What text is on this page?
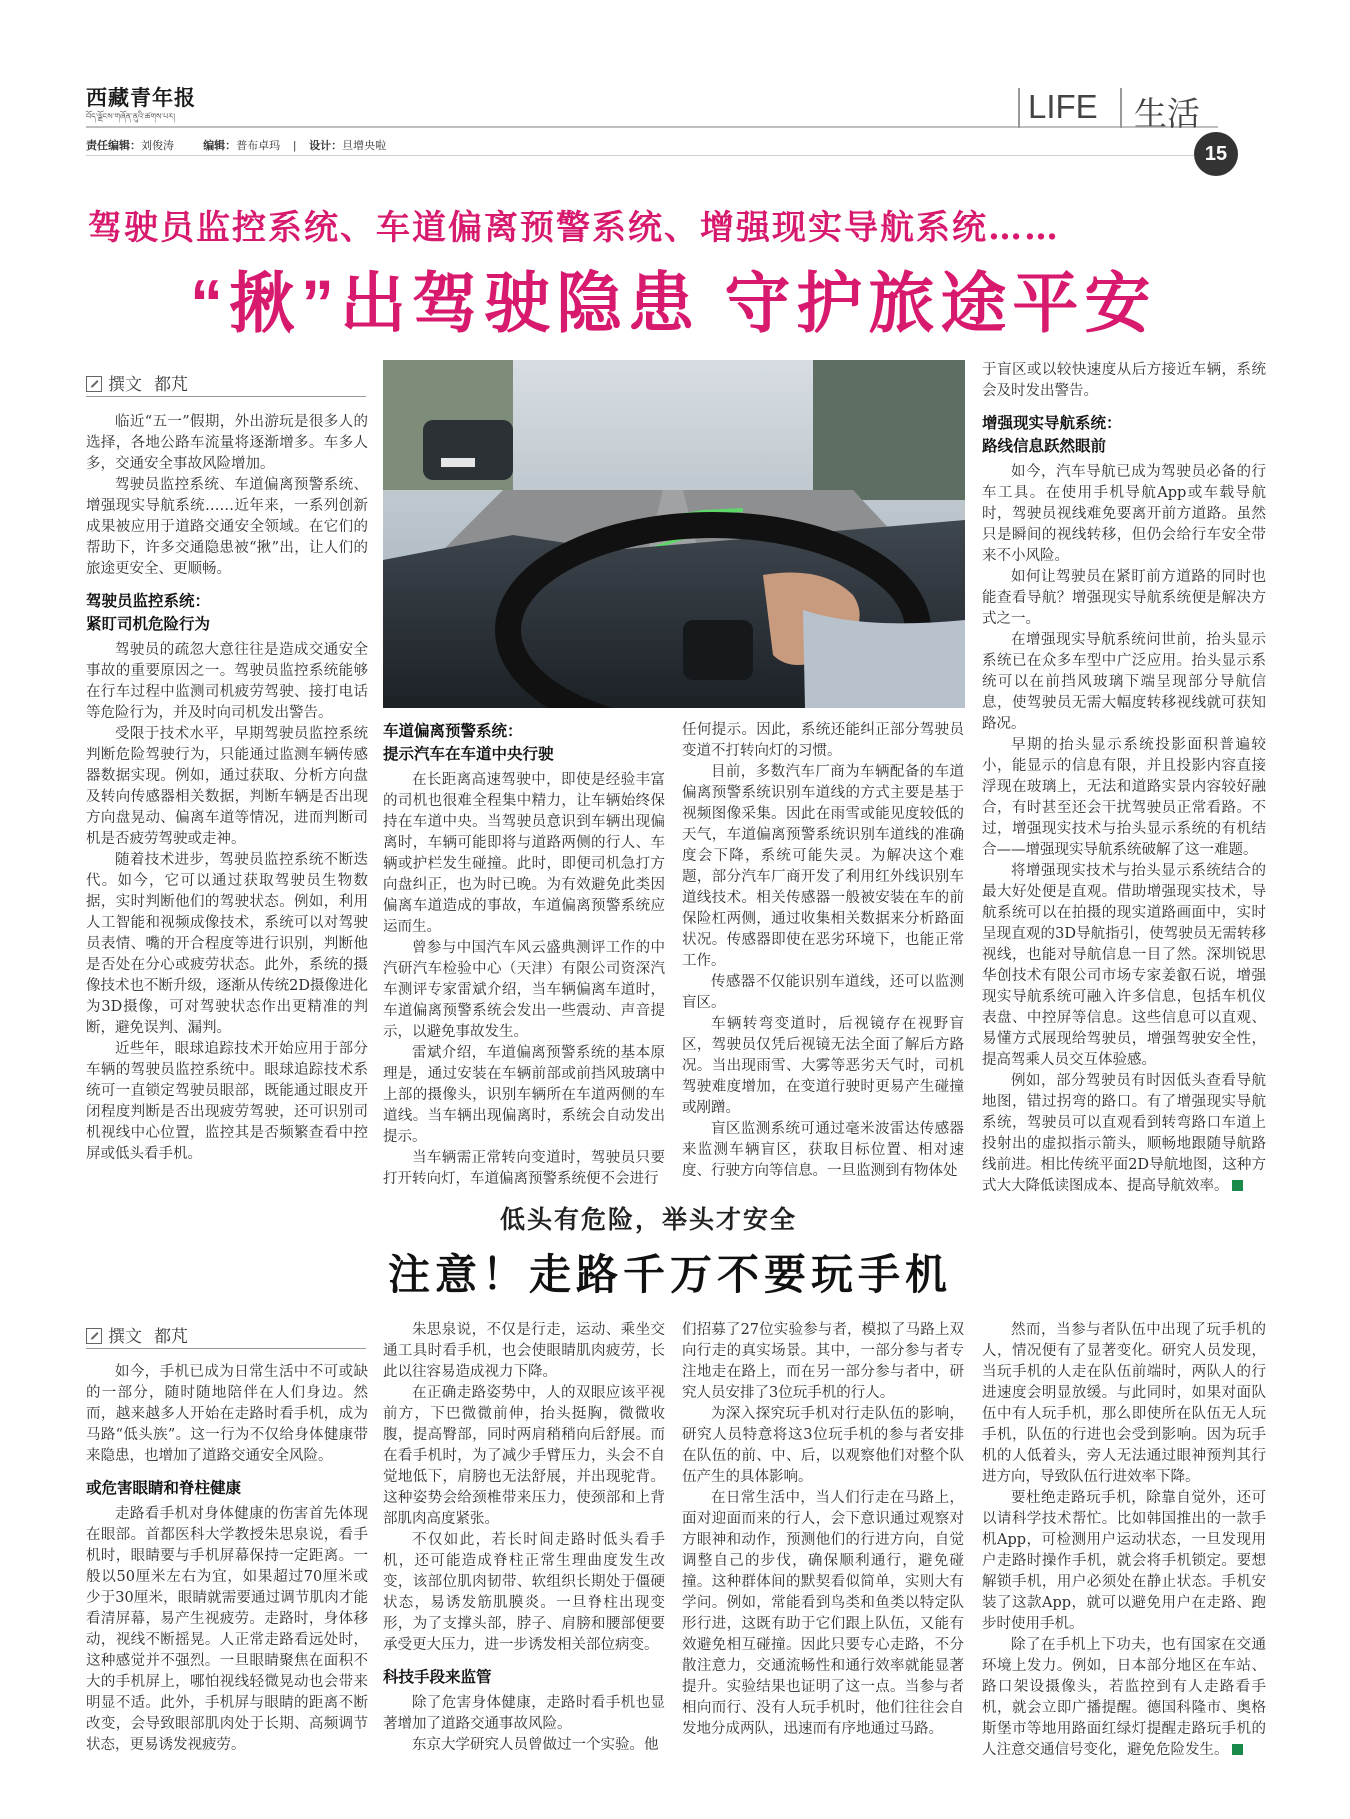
西藏青年报
བོད་ལྗོངས་གཞོན་ནུའི་ཚགས་པར།
责任编辑：刘俊涛	编辑：普布卓玛 | 设计：旦增央啦
LIFE 生活
15
驾驶员监控系统、车道偏离预警系统、增强现实导航系统……
“揪”出驾驶隐患 守护旅途平安
撰文 都芃

临近“五一”假期，外出游玩是很多人的选择，各地公路车流量将逐渐增多。车多人多，交通安全事故风险增加。

驾驶员监控系统、车道偏离预警系统、增强现实导航系统……近年来，一系列创新成果被应用于道路交通安全领域。在它们的帮助下，许多交通隐患被“揪”出，让人们的旅途更安全、更顺畅。

驾驶员监控系统：
紧盯司机危险行为

驾驶员的疏忽大意往往是造成交通安全事故的重要原因之一。驾驶员监控系统能够在行车过程中监测司机疲劳驾驶、接打电话等危险行为，并及时向司机发出警告。

受限于技术水平，早期驾驶员监控系统判断危险驾驶行为，只能通过监测车辆传感器数据实现。例如，通过获取、分析方向盘及转向传感器相关数据，判断车辆是否出现方向盘晃动、偏离车道等情况，进而判断司机是否疲劳驾驶或走神。

随着技术进步，驾驶员监控系统不断迭代。如今，它可以通过获取驾驶员生物数据，实时判断他们的驾驶状态。例如，利用人工智能和视频成像技术，系统可以对驾驶员表情、嘴的开合程度等进行识别，判断他是否处在分心或疲劳状态。此外，系统的摄像技术也不断升级，逐渐从传统2D摄像进化为3D摄像，可对驾驶状态作出更精准的判断，避免误判、漏判。

近些年，眼球追踪技术开始应用于部分车辆的驾驶员监控系统中。眼球追踪技术系统可一直锁定驾驶员眼部，既能通过眼皮开闭程度判断是否出现疲劳驾驶，还可识别司机视线中心位置，监控其是否频繁查看中控屏或低头看手机。

车道偏离预警系统：
提示汽车在车道中央行驶

在长距离高速驾驶中，即使是经验丰富的司机也很难全程集中精力，让车辆始终保持在车道中央。当驾驶员意识到车辆出现偏离时，车辆可能即将与道路两侧的行人、车辆或护栏发生碰撞。此时，即便司机急打方向盘纠正，也为时已晚。为有效避免此类因偏离车道造成的事故，车道偏离预警系统应运而生。

曾参与中国汽车风云盛典测评工作的中汽研汽车检验中心（天津）有限公司资深汽车测评专家雷斌介绍，当车辆偏离车道时，车道偏离预警系统会发出一些震动、声音提示，以避免事故发生。

雷斌介绍，车道偏离预警系统的基本原理是，通过安装在车辆前部或前挡风玻璃中上部的摄像头，识别车辆所在车道两侧的车道线。当车辆出现偏离时，系统会自动发出提示。

当车辆需正常转向变道时，驾驶员只要打开转向灯，车道偏离预警系统便不会进行

任何提示。因此，系统还能纠正部分驾驶员变道不打转向灯的习惯。

目前，多数汽车厂商为车辆配备的车道偏离预警系统识别车道线的方式主要是基于视频图像采集。因此在雨雪或能见度较低的天气，车道偏离预警系统识别车道线的准确度会下降，系统可能失灵。为解决这个难题，部分汽车厂商开发了利用红外线识别车道线技术。相关传感器一般被安装在车的前保险杠两侧，通过收集相关数据来分析路面状况。传感器即使在恶劣环境下，也能正常工作。

传感器不仅能识别车道线，还可以监测盲区。

车辆转弯变道时，后视镜存在视野盲区，驾驶员仅凭后视镜无法全面了解后方路况。当出现雨雪、大雾等恶劣天气时，司机驾驶难度增加，在变道行驶时更易产生碰撞或剐蹭。

盲区监测系统可通过毫米波雷达传感器来监测车辆盲区，获取目标位置、相对速度、行驶方向等信息。一旦监测到有物体处

于盲区或以较快速度从后方接近车辆，系统会及时发出警告。

增强现实导航系统：
路线信息跃然眼前

如今，汽车导航已成为驾驶员必备的行车工具。在使用手机导航App或车载导航时，驾驶员视线难免要离开前方道路。虽然只是瞬间的视线转移，但仍会给行车安全带来不小风险。

如何让驾驶员在紧盯前方道路的同时也能查看导航？增强现实导航系统便是解决方式之一。

在增强现实导航系统问世前，抬头显示系统已在众多车型中广泛应用。抬头显示系统可以在前挡风玻璃下端呈现部分导航信息，使驾驶员无需大幅度转移视线就可获知路况。

早期的抬头显示系统投影面积普遍较小，能显示的信息有限，并且投影内容直接浮现在玻璃上，无法和道路实景内容较好融合，有时甚至还会干扰驾驶员正常看路。不过，增强现实技术与抬头显示系统的有机结合——增强现实导航系统破解了这一难题。

将增强现实技术与抬头显示系统结合的最大好处便是直观。借助增强现实技术，导航系统可以在拍摄的现实道路画面中，实时呈现直观的3D导航指引，使驾驶员无需转移视线，也能对导航信息一目了然。深圳锐思华创技术有限公司市场专家姜叡石说，增强现实导航系统可融入许多信息，包括车机仪表盘、中控屏等信息。这些信息可以直观、易懂方式展现给驾驶员，增强驾驶安全性，提高驾乘人员交互体验感。

例如，部分驾驶员有时因低头查看导航地图，错过拐弯的路口。有了增强现实导航系统，驾驶员可以直观看到转弯路口车道上投射出的虚拟指示箭头，顺畅地跟随导航路线前进。相比传统平面2D导航地图，这种方式大大降低读图成本、提高导航效率。

低头有危险，举头才安全
注意！走路千万不要玩手机
撰文 都芃

如今，手机已成为日常生活中不可或缺的一部分，随时随地陪伴在人们身边。然而，越来越多人开始在走路时看手机，成为马路“低头族”。这一行为不仅给身体健康带来隐患，也增加了道路交通安全风险。

或危害眼睛和脊柱健康

走路看手机对身体健康的伤害首先体现在眼部。首都医科大学教授朱思泉说，看手机时，眼睛要与手机屏幕保持一定距离。一般以50厘米左右为宜，如果超过70厘米或少于30厘米，眼睛就需要通过调节肌肉才能看清屏幕，易产生视疲劳。走路时，身体移动，视线不断摇晃。人正常走路看远处时，这种感觉并不强烈。一旦眼睛聚焦在面积不大的手机屏上，哪怕视线轻微晃动也会带来明显不适。此外，手机屏与眼睛的距离不断改变，会导致眼部肌肉处于长期、高频调节状态，更易诱发视疲劳。

朱思泉说，不仅是行走，运动、乘坐交通工具时看手机，也会使眼睛肌肉疲劳，长此以往容易造成视力下降。

在正确走路姿势中，人的双眼应该平视前方，下巴微微前伸，抬头挺胸，微微收腹，提高臀部，同时两肩稍稍向后舒展。而在看手机时，为了减少手臂压力，头会不自觉地低下，肩膀也无法舒展，并出现驼背。这种姿势会给颈椎带来压力，使颈部和上背部肌肉高度紧张。

不仅如此，若长时间走路时低头看手机，还可能造成脊柱正常生理曲度发生改变，该部位肌肉韧带、软组织长期处于僵硬状态，易诱发筋肌膜炎。一旦脊柱出现变形，为了支撑头部，脖子、肩膀和腰部便要承受更大压力，进一步诱发相关部位病变。

科技手段来监管

除了危害身体健康，走路时看手机也显著增加了道路交通事故风险。

东京大学研究人员曾做过一个实验。他

们招募了27位实验参与者，模拟了马路上双向行走的真实场景。其中，一部分参与者专注地走在路上，而在另一部分参与者中，研究人员安排了3位玩手机的行人。

为深入探究玩手机对行走队伍的影响，研究人员特意将这3位玩手机的参与者安排在队伍的前、中、后，以观察他们对整个队伍产生的具体影响。

在日常生活中，当人们行走在马路上，面对迎面而来的行人，会下意识通过观察对方眼神和动作，预测他们的行进方向，自觉调整自己的步伐，确保顺利通行，避免碰撞。这种群体间的默契看似简单，实则大有学问。例如，常能看到鸟类和鱼类以特定队形行进，这既有助于它们跟上队伍，又能有效避免相互碰撞。因此只要专心走路，不分散注意力，交通流畅性和通行效率就能显著提升。实验结果也证明了这一点。当参与者相向而行、没有人玩手机时，他们往往会自发地分成两队，迅速而有序地通过马路。

然而，当参与者队伍中出现了玩手机的人，情况便有了显著变化。研究人员发现，当玩手机的人走在队伍前端时，两队人的行进速度会明显放缓。与此同时，如果对面队伍中有人玩手机，那么即使所在队伍无人玩手机，队伍的行进也会受到影响。因为玩手机的人低着头，旁人无法通过眼神预判其行进方向，导致队伍行进效率下降。

要杜绝走路玩手机，除靠自觉外，还可以请科学技术帮忙。比如韩国推出的一款手机App，可检测用户运动状态，一旦发现用户走路时操作手机，就会将手机锁定。要想解锁手机，用户必须处在静止状态。手机安装了这款App，就可以避免用户在走路、跑步时使用手机。

除了在手机上下功夫，也有国家在交通环境上发力。例如，日本部分地区在车站、路口架设摄像头，若监控到有人走路看手机，就会立即广播提醒。德国科隆市、奥格斯堡市等地用路面红绿灯提醒走路玩手机的人注意交通信号变化，避免危险发生。
